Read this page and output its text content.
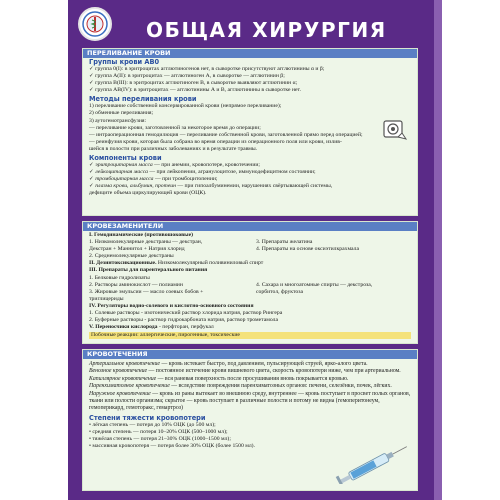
ОБЩАЯ ХИРУРГИЯ
ПЕРЕЛИВАНИЕ КРОВИ
Группы крови АВ0
✓ группа 0(I): в эритроцитах агглютиногенов нет, в сыворотке присутствуют агглютинины α и β;
✓ группа А(II): в эритроцитах — агглютиноген А, в сыворотке — агглютинин β;
✓ группа В(III): в эритроцитах агглютиноген В, в сыворотке выявляют агглютинин α;
✓ группа АВ(IV): в эритроцитах — агглютинины А и В, агглютинины в сыворотке нет.
Методы переливания крови
1) переливание собственной консервированной крови (непрямое переливание);
2) обменные переливания;
3) аутогемотрансфузия:
— переливание крови, заготовленной за некоторое время до операции;
— интраоперационная гемодилюция — переливание собственной крови, заготовленной прямо перед операцией;
— реинфузия крови, которая была собрана во время операции из операционного поля или крови, излив-
шейся в полости при различных заболеваниях и в результате травмы.
Компоненты крови
✓ эритроцитарная масса — при анемии, кровопотере, кровотечении;
✓ лейкоцитарная масса — при лейкопении, агранулоцитозе, иммунодефицитном состоянии;
✓ тромбоцитарная масса — при тромбоцитопении;
✓ плазма крови, альбумин, протеин — при гипоалбуминемии, нарушениях свёртывающей системы,
дефиците объема циркулирующей крови (ОЦК).
КРОВЕЗАМЕНИТЕЛИ
I. Гемодинамические (противошоковые)
1. Низкомолекулярные декстраны — декстран,
Декстран + Маннитол + Натрия хлорид
2. Среднемолекулярные декстраны
3. Препараты желатина
4. Препараты на основе оксиэтилкрахмала
II. Дезинтоксикационные. Низкомолекулярный поливиниловый спирт
III. Препараты для парентерального питания
1. Белковые гидролизаты
2. Растворы аминокислот — полиамин
3. Жировые эмульсии — масло соевых бобов +
триглицериды
4. Сахара и многоатомные спирты — декстроза,
сорбитол, фруктоза
IV. Регуляторы водно-солевого и кислотно-основного состояния
1. Солевые растворы - изотонический раствор хлорида натрия, раствор Рингера
2. Буферные растворы - раствор гидрокарбоната натрия, раствор трометамола
V. Переносчики кислорода - перфторан, перфукал
Побочные реакции: аллергические, пирогенные, токсические
КРОВОТЕЧЕНИЯ
Артериальное кровотечение — кровь истекает быстро, под давлением, пульсирующей струей, ярко-алого цвета.
Венозное кровотечение — постоянное истечение крови вишневого цвета, скорость кровопотери ниже, чем при артериальном.
Капиллярное кровотечение — вся раневая поверхность после просушивания вновь покрывается кровью.
Паренхиматозное кровотечение — вследствие повреждения паренхиматозных органов: печени, селезёнки, почек, лёгких.
Наружное кровотечение — кровь из раны вытекает во внешнюю среду, внутреннее — кровь поступает в просвет полых органов, ткани или полости организма; скрытое — кровь поступает в различные полости и потому не видна (гемоперитонеум, гемоперикард, гемоторакс, гемартроз)
Степени тяжести кровопотери
• лёгкая степень — потеря до 10% ОЦК (до 500 мл);
• средняя степень — потеря 10–20% ОЦК (500–1000 мл);
• тяжёлая степень — потеря 21–30% ОЦК (1000–1500 мл);
• массивная кровопотеря — потеря более 30% ОЦК (более 1500 мл).
